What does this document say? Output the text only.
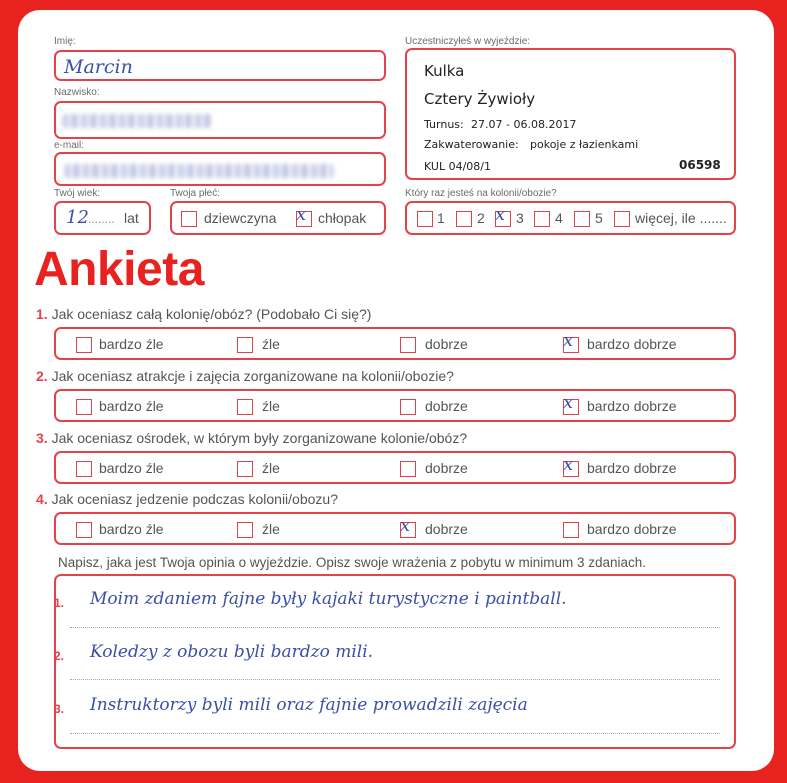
Imię:
Marcin
Nazwisko:
e-mail:
Twój wiek:
12 ........ lat
Twoja płeć:
dziewczyna x chłopak
Uczestniczyłeś w wyjeździe:
Kulka
Cztery Żywioły
Turnus: 27.07 - 06.08.2017
Zakwaterowanie: pokoje z łazienkami
KUL 04/08/1	06598
Który raz jesteś na kolonii/obozie?
1 2 x 3 4 5 więcej, ile .......
Ankieta
1. Jak oceniasz całą kolonię/obóz? (Podobało Ci się?)
bardzo źle	źle	dobrze	x bardzo dobrze
2. Jak oceniasz atrakcje i zajęcia zorganizowane na kolonii/obozie?
bardzo źle	źle	dobrze	x bardzo dobrze
3. Jak oceniasz ośrodek, w którym były zorganizowane kolonie/obóz?
bardzo źle	źle	dobrze	x bardzo dobrze
4. Jak oceniasz jedzenie podczas kolonii/obozu?
bardzo źle	źle	x dobrze	bardzo dobrze
Napisz, jaka jest Twoja opinia o wyjeździe. Opisz swoje wrażenia z pobytu w minimum 3 zdaniach.
1. Moim zdaniem fajne były kajaki turystyczne i paintball.
2. Koledzy z obozu byli bardzo mili.
3. Instruktorzy byli mili oraz fajnie prowadzili zajęcia
